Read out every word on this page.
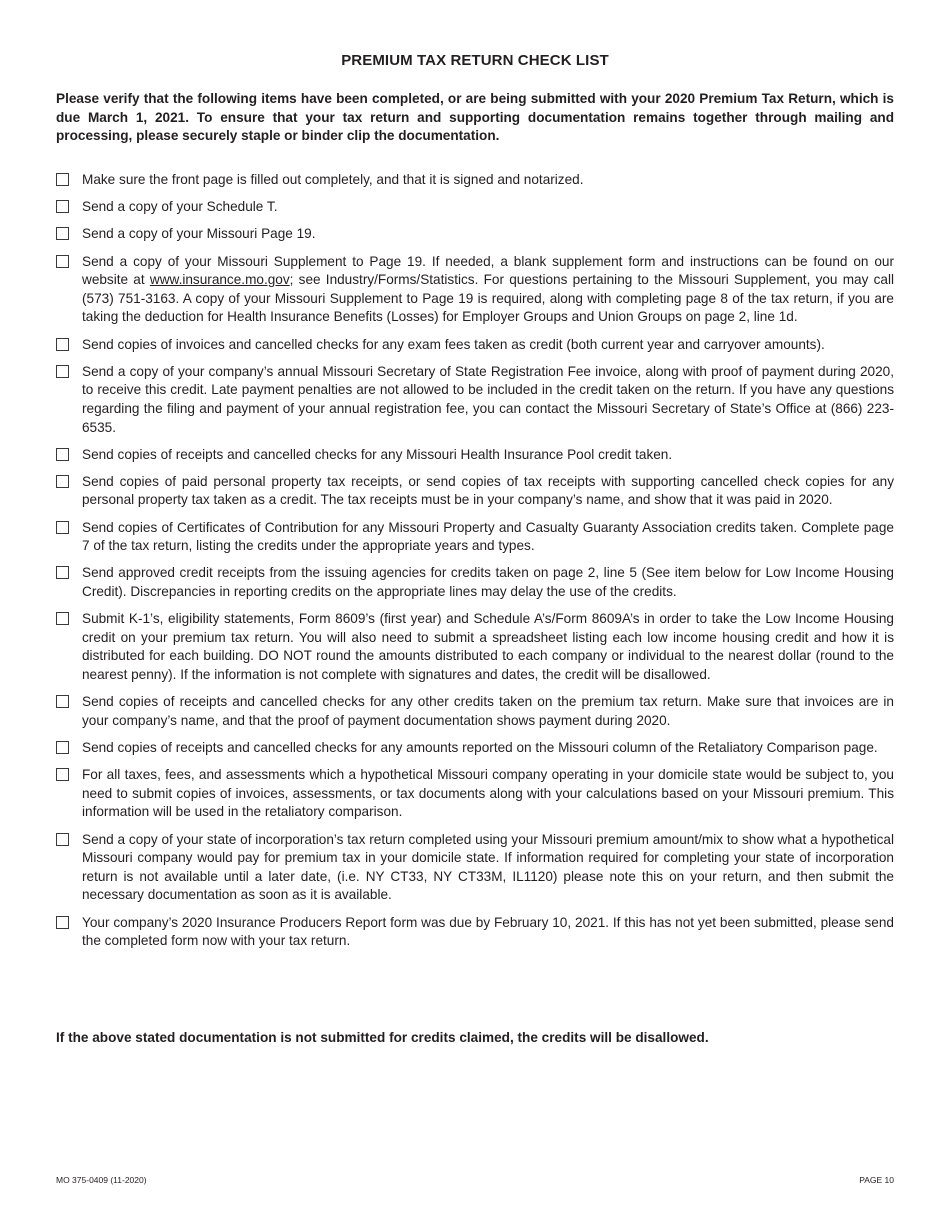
PREMIUM TAX RETURN CHECK LIST
Please verify that the following items have been completed, or are being submitted with your 2020 Premium Tax Return, which is due March 1, 2021. To ensure that your tax return and supporting documentation remains together through mailing and processing, please securely staple or binder clip the documentation.
Make sure the front page is filled out completely, and that it is signed and notarized.
Send a copy of your Schedule T.
Send a copy of your Missouri Page 19.
Send a copy of your Missouri Supplement to Page 19. If needed, a blank supplement form and instructions can be found on our website at www.insurance.mo.gov; see Industry/Forms/Statistics. For questions pertaining to the Missouri Supplement, you may call (573) 751-3163. A copy of your Missouri Supplement to Page 19 is required, along with completing page 8 of the tax return, if you are taking the deduction for Health Insurance Benefits (Losses) for Employer Groups and Union Groups on page 2, line 1d.
Send copies of invoices and cancelled checks for any exam fees taken as credit (both current year and carryover amounts).
Send a copy of your company’s annual Missouri Secretary of State Registration Fee invoice, along with proof of payment during 2020, to receive this credit. Late payment penalties are not allowed to be included in the credit taken on the return. If you have any questions regarding the filing and payment of your annual registration fee, you can contact the Missouri Secretary of State’s Office at (866) 223-6535.
Send copies of receipts and cancelled checks for any Missouri Health Insurance Pool credit taken.
Send copies of paid personal property tax receipts, or send copies of tax receipts with supporting cancelled check copies for any personal property tax taken as a credit. The tax receipts must be in your company’s name, and show that it was paid in 2020.
Send copies of Certificates of Contribution for any Missouri Property and Casualty Guaranty Association credits taken. Complete page 7 of the tax return, listing the credits under the appropriate years and types.
Send approved credit receipts from the issuing agencies for credits taken on page 2, line 5 (See item below for Low Income Housing Credit). Discrepancies in reporting credits on the appropriate lines may delay the use of the credits.
Submit K-1’s, eligibility statements, Form 8609’s (first year) and Schedule A’s/Form 8609A’s in order to take the Low Income Housing credit on your premium tax return. You will also need to submit a spreadsheet listing each low income housing credit and how it is distributed for each building. DO NOT round the amounts distributed to each company or individual to the nearest dollar (round to the nearest penny). If the information is not complete with signatures and dates, the credit will be disallowed.
Send copies of receipts and cancelled checks for any other credits taken on the premium tax return. Make sure that invoices are in your company’s name, and that the proof of payment documentation shows payment during 2020.
Send copies of receipts and cancelled checks for any amounts reported on the Missouri column of the Retaliatory Comparison page.
For all taxes, fees, and assessments which a hypothetical Missouri company operating in your domicile state would be subject to, you need to submit copies of invoices, assessments, or tax documents along with your calculations based on your Missouri premium. This information will be used in the retaliatory comparison.
Send a copy of your state of incorporation’s tax return completed using your Missouri premium amount/mix to show what a hypothetical Missouri company would pay for premium tax in your domicile state. If information required for completing your state of incorporation return is not available until a later date, (i.e. NY CT33, NY CT33M, IL1120) please note this on your return, and then submit the necessary documentation as soon as it is available.
Your company’s 2020 Insurance Producers Report form was due by February 10, 2021. If this has not yet been submitted, please send the completed form now with your tax return.
If the above stated documentation is not submitted for credits claimed, the credits will be disallowed.
MO 375-0409 (11-2020)	PAGE 10
